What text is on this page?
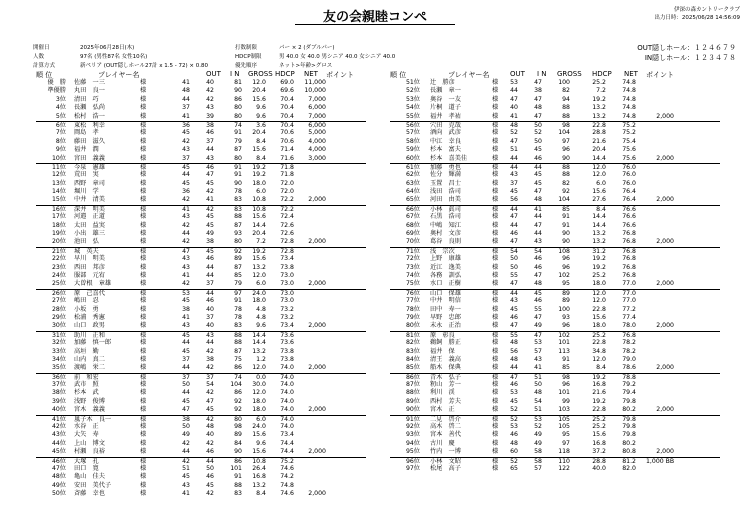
友の会親睦コンペ	伊深の森カントリークラブ
出力日時：2025/06/28 14:56:09
開催日	2025年06月28日(木)
人数	97名 (男性87名 女性10名)
計算方式	新ペリア (OUT隠しホール27計 x 1.5 - 72) × 0.80
打数制限	パー × 2 (ダブルパー)
HDCP制限	男 40.0 女 40.0 男シニア 40.0 女シニア 40.0
優先順序	ネット>年齢>グロス
OUT隠しホール：１２４６７９
IN隠しホール：１２３４７８
順 位	プレイヤー名	OUT I N GROSS HDCP NET ポイント	順 位	プレイヤー名	OUT I N GROSS HDCP NET ポイント
優　勝 佐藤　一三	様	41	40	81	12.0	69.0	11,000
準優勝 丸田　良一	様	48	42	90	20.4	69.6	10,000
3位 清田　巧	様	44	42	86	15.6	70.4	7,000
4位 長瀬　弘尚	様	37	43	80	9.6	70.4	6,000
5位 松村　浩一	様	41	39	80	9.6	70.4	7,000
6位 東松　利幸	様	36	38	74	3.6	70.4	6,000
7位 岡島　孝	様	45	46	91	20.4	70.6	5,000
8位 藤田　滋久	様	42	37	79	8.4	70.6	4,000
9位 福井　潤	様	43	44	87	15.6	71.4	4,000
10位 宮田　義義	様	37	43	80	8.4	71.6	3,000
11位 今泉　憲雄	様	45	46	91	19.2	71.8
12位 荒田　実	様	44	47	91	19.2	71.8
13位 西野　章司	様	45	45	90	18.0	72.0
14位 堀川　学	様	36	42	78	6.0	72.0
15位 中井　清美	様	42	41	83	10.8	72.2	2,000
16位 深井　明美	様	41	42	83	10.8	72.2
17位 河邉　正道	様	43	45	88	15.6	72.4
18位 太田　益実	様	42	45	87	14.4	72.6
19位 小出　雄三	様	44	49	93	20.4	72.6
20位 池田　弘	様	42	38	80	7.2	72.8	2,000
21位 城　英夫	様	47	45	92	19.2	72.8
22位 早川　明美	様	43	46	89	15.6	73.4
23位 西田　邦彦	様	43	44	87	13.2	73.8
24位 服部　元宥	様	41	44	85	12.0	73.0
25位 大曽根　章雄	様	42	37	79	6.0	73.0	2,000
26位 原　己喜代	様	53	44	97	24.0	73.0
27位 嶋田　忍	様	45	46	91	18.0	73.0
28位 小坂　勇	様	38	40	78	4.8	73.2
29位 松浦　秀憲	様	41	37	78	4.8	73.2
30位 山口　政男	様	43	40	83	9.6	73.4	2,000
31位 助川　正和	様	45	43	88	14.4	73.6
32位 加藤　慎一郎	様	44	44	88	14.4	73.6
33位 高垣　勤	様	45	42	87	13.2	73.8
34位 山内　真二	様	37	38	75	1.2	73.8
35位 渡嶋　栄二	様	44	42	86	12.0	74.0	2,000
36位 前　和宏	様	37	37	74	0.0	74.0
37位 武市　照	様	50	54	104	30.0	74.0
38位 杉本　武	様	44	42	86	12.0	74.0
39位 浅野　俊博	様	45	47	92	18.0	74.0
40位 宮木　義義	様	47	45	92	18.0	74.0	2,000
41位 嵐子木　良一	様	38	42	80	6.0	74.0
42位 水谷　正	様	50	48	98	24.0	74.0
43位 大矢　寿	様	49	40	89	15.6	73.4
44位 上山　博文	様	42	42	84	9.6	74.4
45位 村瀬　良裕	様	44	46	90	15.6	74.4	2,000
46位 大塚　孔	様	42	44	86	10.8	75.2
47位 田口　寛	様	51	50	101	26.4	74.6
48位 亀山　佳夫	様	45	46	91	16.8	74.2
49位 安田　美代子	様	43	45	88	13.2	74.8
50位 斉藤　幸也	様	41	42	83	8.4	74.6	2,000
51位 辻　勝彦	様	53	47	100	25.2	74.8
52位 長瀬　章一	様	44	38	82	7.2	74.8
53位 奥谷　一友	様	47	47	94	19.2	74.8
54位 片桐　道子	様	40	48	88	13.2	74.8
55位 福井　孝祐	様	41	47	88	13.2	74.8	2,000
56位 穴田　克哉	様	48	50	98	22.8	75.2
57位 酒向　武彦	様	52	52	104	28.8	75.2
58位 中江　幸良	様	47	50	97	21.6	75.4
59位 杉本　富夫	様	51	45	96	20.4	75.6
60位 杉本　喜美佳	様	44	46	90	14.4	75.6	2,000
61位 加藤　勇也	様	44	44	88	12.0	76.0
62位 佐分　輝満	様	43	45	88	12.0	76.0
63位 玉置　昌士	様	37	45	82	6.0	76.0
64位 浅田　浩司	様	45	47	92	15.6	76.4
65位 河田　由美	様	56	48	104	27.6	76.4	2,000
66位 小林　眞司	様	44	41	85	8.4	76.6
67位 石黒　浩司	様	47	44	91	14.4	76.6
68位 中嶋　知江	様	44	47	91	14.4	76.6
69位 奥村　文彦	様	46	44	90	13.2	76.8
70位 葛谷　良則	様	47	43	90	13.2	76.8	2,000
71位 浅　宗次	様	54	54	108	31.2	76.8
72位 上野　康雄	様	50	46	96	19.2	76.8
73位 近江　逸美	様	50	46	96	19.2	76.8
74位 各務　訓弘	様	55	47	102	25.2	76.8
75位 水口　正樹	様	47	48	95	18.0	77.0	2,000
76位 山口　保雄	様	44	45	89	12.0	77.0
77位 中井　明信	様	43	46	89	12.0	77.0
78位 田中　寿一	様	45	55	100	22.8	77.2
79位 早野　忠郎	様	46	47	93	15.6	77.4
80位 末永　正治	様	47	49	96	18.0	78.0	2,000
81位 原　彰良	様	55	47	102	25.2	76.8
82位 鵜飼　勝正	様	48	53	101	22.8	78.2
83位 福井　保	様	56	57	113	34.8	78.2
84位 清王　義高	様	48	43	91	12.0	79.0
85位 船木　保典	様	44	41	85	8.4	78.6	2,000
86位 青木　弘子	様	47	51	98	19.2	78.8
87位 籾山　芳一	様	46	50	96	16.8	79.2
88位 利川　渓	様	53	48	101	21.6	79.4
89位 西村　芳夫	様	45	54	99	19.2	79.8
90位 宮木　正	様	52	51	103	22.8	80.2	2,000
91位 二見　啓介	様	52	53	105	25.2	79.8
92位 高木　啓二	様	53	52	105	25.2	79.8
93位 宮本　善代	様	46	49	95	15.6	79.8
94位 古川　慶	様	48	49	97	16.8	80.2
95位 竹内　一博	様	60	58	118	37.2	80.8	2,000
96位 小林　文昭	様	52	58	110	28.8	81.2 1,000 BB
97位 松尾　高子	様	65	57	122	40.0	82.0
